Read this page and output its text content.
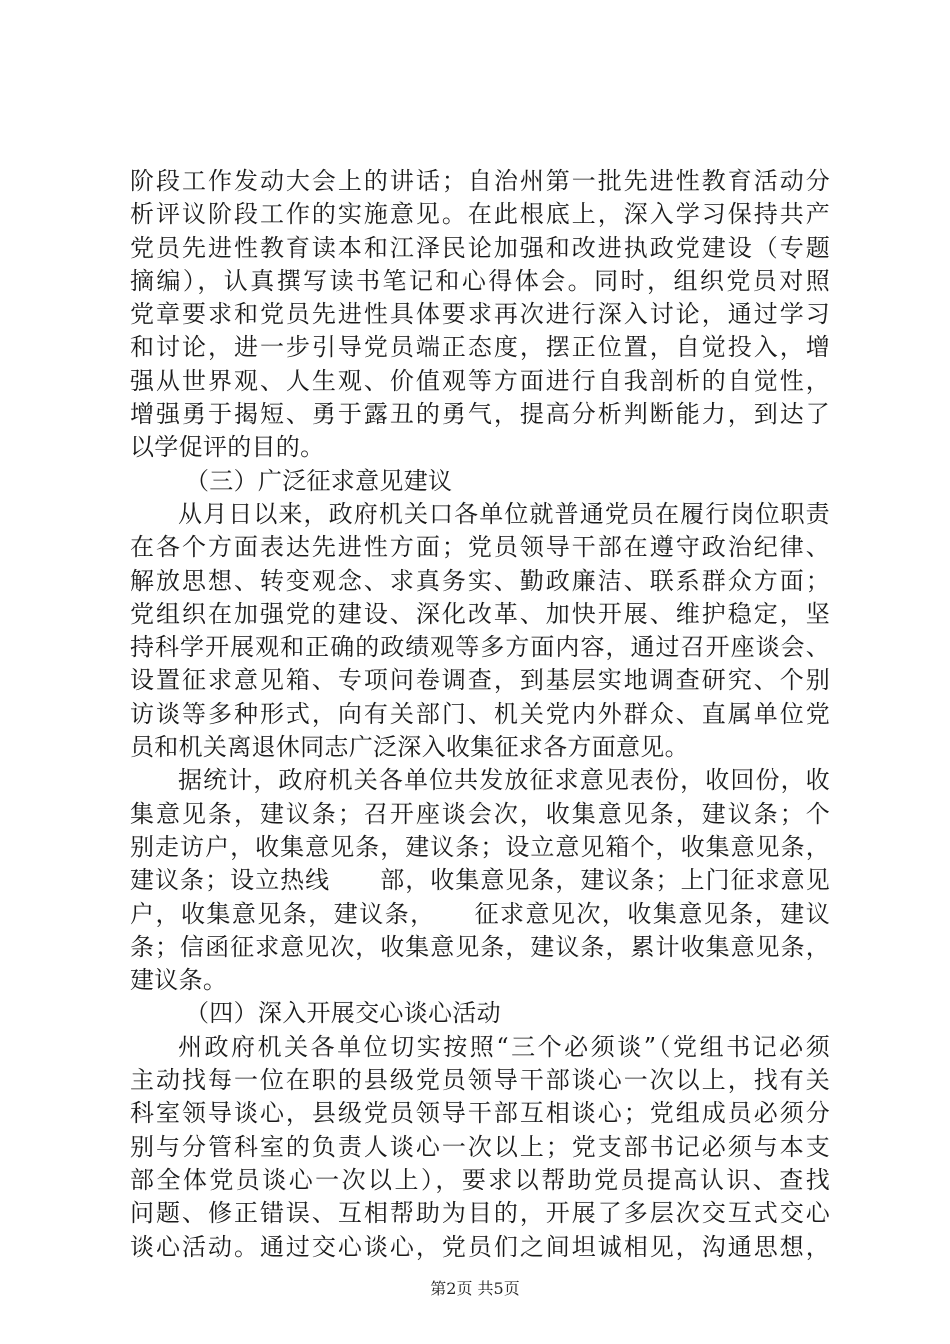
阶段工作发动大会上的讲话；自治州第一批先进性教育活动分
析评议阶段工作的实施意见。在此根底上，深入学习保持共产
党员先进性教育读本和江泽民论加强和改进执政党建设（专题
摘编），认真撰写读书笔记和心得体会。同时，组织党员对照
党章要求和党员先进性具体要求再次进行深入讨论，通过学习
和讨论，进一步引导党员端正态度，摆正位置，自觉投入，增
强从世界观、人生观、价值观等方面进行自我剖析的自觉性，
增强勇于揭短、勇于露丑的勇气，提高分析判断能力，到达了
以学促评的目的。
（三）广泛征求意见建议
从月日以来，政府机关口各单位就普通党员在履行岗位职责
在各个方面表达先进性方面；党员领导干部在遵守政治纪律、
解放思想、转变观念、求真务实、勤政廉洁、联系群众方面；
党组织在加强党的建设、深化改革、加快开展、维护稳定，坚
持科学开展观和正确的政绩观等多方面内容，通过召开座谈会、
设置征求意见箱、专项问卷调查，到基层实地调查研究、个别
访谈等多种形式，向有关部门、机关党内外群众、直属单位党
员和机关离退休同志广泛深入收集征求各方面意见。
据统计，政府机关各单位共发放征求意见表份，收回份，收
集意见条，建议条；召开座谈会次，收集意见条，建议条；个
别走访户，收集意见条，建议条；设立意见箱个，收集意见条，
建议条；设立热线　　部，收集意见条，建议条；上门征求意见
户，收集意见条，建议条，　　征求意见次，收集意见条，建议
条；信函征求意见次，收集意见条，建议条，累计收集意见条，
建议条。
（四）深入开展交心谈心活动
州政府机关各单位切实按照“三个必须谈”（党组书记必须
主动找每一位在职的县级党员领导干部谈心一次以上，找有关
科室领导谈心，县级党员领导干部互相谈心；党组成员必须分
别与分管科室的负责人谈心一次以上；党支部书记必须与本支
部全体党员谈心一次以上），要求以帮助党员提高认识、查找
问题、修正错误、互相帮助为目的，开展了多层次交互式交心
谈心活动。通过交心谈心，党员们之间坦诚相见，沟通思想，
第2页 共5页
